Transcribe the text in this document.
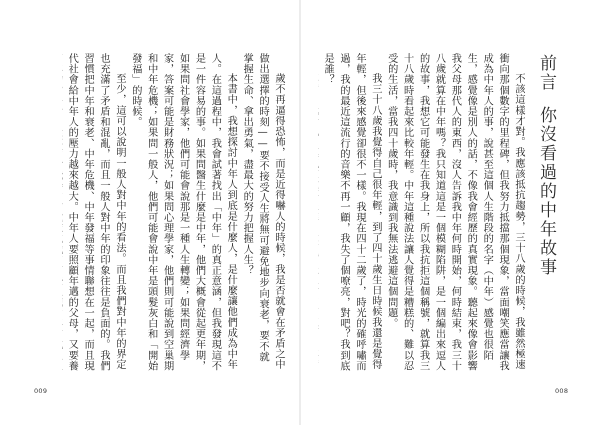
前言你沒看過的中年故事

不該這樣才對。我應該抵抗趨勢，三十八歲的時候，我雖然極速衝向那個數字的里程碑，但我努力抵擋那個現象，當面嘲笑應當讓我成為中年人的事，說甚至這個人生階段的名字（中年）感覺也很陌生，感覺像是別人的話，不像我會經歷的真實現象。聽起來像會影響我父母那代人的東西，沒人告訴我中年何時開始，何時結束，我三十八歲就算在中年嗎？我只知道這是一個模糊陷阱，是一個編出來逗人的故事，我想它可能發生在我身上，所以我抗拒這個稱號，就算我三十八歲時看起來比較年輕。中年這種說法讓人覺得是糟糕的、難以忍受的生活，當我四十歲時，我意識到我無法逃避這個問題。

我三十八歲我覺得自己很年輕，到了四十歲生日時候我還是覺得年輕，但後來感覺卻很不一樣。我現在四十二歲了，時光的確呼嘯而過，我的最近這流行的音樂不再一顧，我失了個嘹亮，對吧？我到底是誰？

歲不再逼得恐怖，而是近得嚇人的時候，我是否就會在矛盾之中做出選擇的時刻——要不接受人生將無可避免地步向衰老，要不就掌握生命、拿出勇氣，盡最大的努力把握人生？

本書中，我想探討中年人到底是什麼人，是什麼讓他們成為中年人。在這過程中，我會試著找出「中年」的真正意涵，但我發現這不是一件容易的事。如果問醫生什麼是中年，他們大概會從起更年期，如果問社會學家，他們可能會說那是一種人生轉變；如果問經濟學家，答案可能是財務狀況；如果問心理學家，他們則可能說到空巢期和中年危機；如果問一般人，他們可能會說中年是頭髮灰白和「開始發福」的時候。

至少，這可以說明一般人對中年的看法。而且我們對中年的界定也充滿了矛盾和混亂，而且一般人對中年的印象往往是負面的。我們習慣把中年和衰老、中年危機、中年發福等事情聯想在一起，而且現代社會給中年人的壓力越來越大。中年人要照顧年邁的父母，又要養

009	008
